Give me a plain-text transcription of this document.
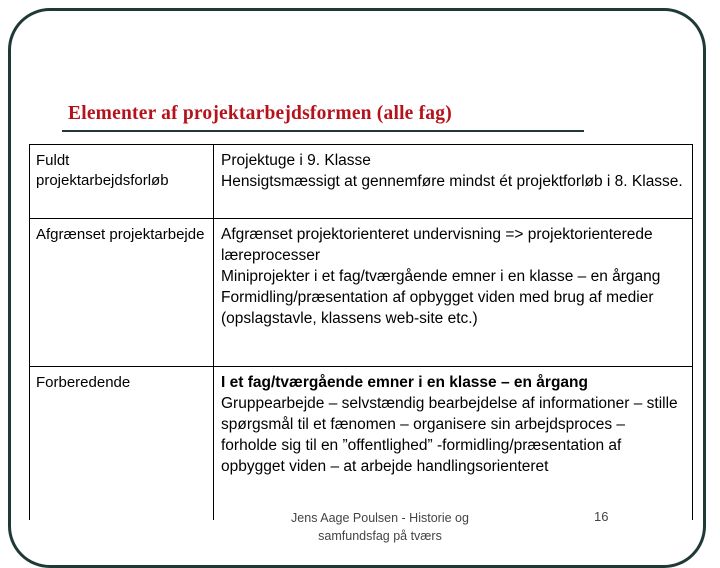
Elementer af projektarbejdsformen (alle fag)
Fuldt projektarbejdsforløb
Projektuge i 9. Klasse
Hensigtsmæssigt at gennemføre mindst ét projektforløb i 8. Klasse.
Afgrænset projektarbejde Afgrænset projektorienteret undervisning => projektorienterede læreprocesser
Miniprojekter i et fag/tværgående emner i en klasse – en årgang
Formidling/præsentation af opbygget viden med brug af medier (opslagstavle, klassens web-site etc.)
Forberedende	I et fag/tværgående emner i en klasse – en årgang
Gruppearbejde – selvstændig bearbejdelse af informationer – stille spørgsmål til et fænomen – organisere sin arbejdsproces – forholde sig til en ”offentlighed” -formidling/præsentation af opbygget viden – at arbejde handlingsorienteret
Jens Aage Poulsen - Historie og samfundsfag på tværs
16
